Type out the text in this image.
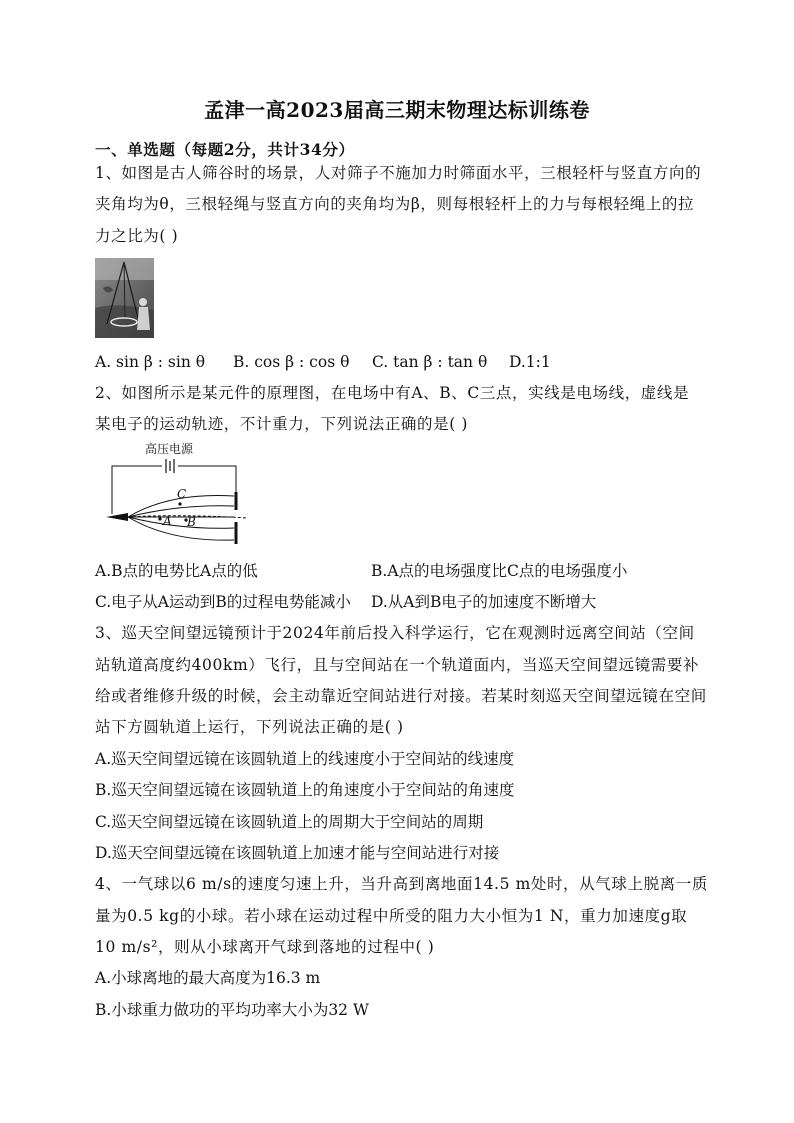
孟津一高2023届高三期末物理达标训练卷
一、单选题（每题2分，共计34分）
1、如图是古人筛谷时的场景，人对筛子不施加力时筛面水平，三根轻杆与竖直方向的
夹角均为θ，三根轻绳与竖直方向的夹角均为β，则每根轻杆上的力与每根轻绳上的拉
力之比为( )
A. sin β : sin θ B. cos β : cos θ C. tan β : tan θ D.1:1
2、如图所示是某元件的原理图，在电场中有A、B、C三点，实线是电场线，虚线是
某电子的运动轨迹，不计重力，下列说法正确的是( )
高压电源
C
A B
A.B点的电势比A点的低	B.A点的电场强度比C点的电场强度小
C.电子从A运动到B的过程电势能减小 D.从A到B电子的加速度不断增大
3、巡天空间望远镜预计于2024年前后投入科学运行，它在观测时远离空间站（空间
站轨道高度约400km）飞行，且与空间站在一个轨道面内，当巡天空间望远镜需要补
给或者维修升级的时候，会主动靠近空间站进行对接。若某时刻巡天空间望远镜在空间
站下方圆轨道上运行，下列说法正确的是( )
A.巡天空间望远镜在该圆轨道上的线速度小于空间站的线速度
B.巡天空间望远镜在该圆轨道上的角速度小于空间站的角速度
C.巡天空间望远镜在该圆轨道上的周期大于空间站的周期
D.巡天空间望远镜在该圆轨道上加速才能与空间站进行对接
4、一气球以6 m/s的速度匀速上升，当升高到离地面14.5 m处时，从气球上脱离一质
量为0.5 kg的小球。若小球在运动过程中所受的阻力大小恒为1 N，重力加速度g取
10 m/s²，则从小球离开气球到落地的过程中( )
A.小球离地的最大高度为16.3 m
B.小球重力做功的平均功率大小为32 W
